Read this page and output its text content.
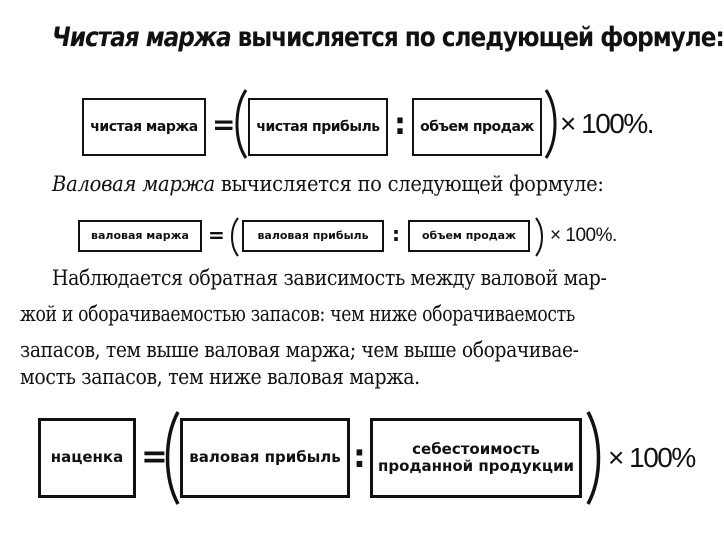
Чистая маржа вычисляется по следующей формуле:
чистая маржа =	чистая прибыль :	объем продаж × 100%.
Валовая маржа вычисляется по следующей формуле:
валовая маржа =	валовая прибыль	:	объем продаж	× 100%.
Наблюдается обратная зависимость между валовой мар-
жой и оборачиваемостью запасов: чем ниже оборачиваемость
запасов, тем выше валовая маржа; чем выше оборачивае-
мость запасов, тем ниже валовая маржа.
наценка =	валовая прибыль :	себестоимость
проданной продукции × 100%
